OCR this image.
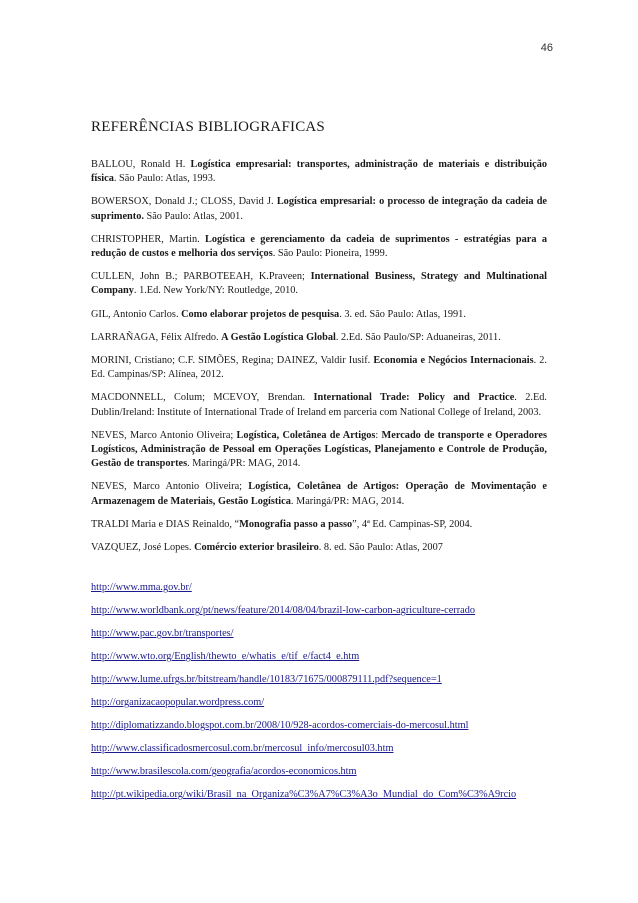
46
REFERÊNCIAS BIBLIOGRAFICAS

BALLOU, Ronald H. Logística empresarial: transportes, administração de materiais e distribuição física. São Paulo: Atlas, 1993.

BOWERSOX, Donald J.; CLOSS, David J. Logística empresarial: o processo de integração da cadeia de suprimento. São Paulo: Atlas, 2001.

CHRISTOPHER, Martin. Logística e gerenciamento da cadeia de suprimentos - estratégias para a redução de custos e melhoria dos serviços. São Paulo: Pioneira, 1999.

CULLEN, John B.; PARBOTEEAH, K.Praveen; International Business, Strategy and Multinational Company. 1.Ed. New York/NY: Routledge, 2010.

GIL, Antonio Carlos. Como elaborar projetos de pesquisa. 3. ed. São Paulo: Atlas, 1991.

LARRAÑAGA, Félix Alfredo. A Gestão Logística Global. 2.Ed. São Paulo/SP: Aduaneiras, 2011.

MORINI, Cristiano; C.F. SIMÕES, Regina; DAINEZ, Valdir Iusif. Economia e Negócios Internacionais. 2. Ed. Campinas/SP: Alínea, 2012.

MACDONNELL, Colum; MCEVOY, Brendan. International Trade: Policy and Practice. 2.Ed. Dublin/Ireland: Institute of International Trade of Ireland em parceria com National College of Ireland, 2003.

NEVES, Marco Antonio Oliveira; Logística, Coletânea de Artigos: Mercado de transporte e Operadores Logísticos, Administração de Pessoal em Operações Logísticas, Planejamento e Controle de Produção, Gestão de transportes. Maringá/PR: MAG, 2014.

NEVES, Marco Antonio Oliveira; Logística, Coletânea de Artigos: Operação de Movimentação e Armazenagem de Materiais, Gestão Logística. Maringá/PR: MAG, 2014.

TRALDI Maria e DIAS Reinaldo, “Monografia passo a passo”, 4ª Ed. Campinas-SP, 2004.

VAZQUEZ, José Lopes. Comércio exterior brasileiro. 8. ed. São Paulo: Atlas, 2007

http://www.mma.gov.br/
http://www.worldbank.org/pt/news/feature/2014/08/04/brazil-low-carbon-agriculture-cerrado
http://www.pac.gov.br/transportes/
http://www.wto.org/English/thewto_e/whatis_e/tif_e/fact4_e.htm
http://www.lume.ufrgs.br/bitstream/handle/10183/71675/000879111.pdf?sequence=1
http://organizacaopopular.wordpress.com/
http://diplomatizzando.blogspot.com.br/2008/10/928-acordos-comerciais-do-mercosul.html
http://www.classificadosmercosul.com.br/mercosul_info/mercosul03.htm
http://www.brasilescola.com/geografia/acordos-economicos.htm
http://pt.wikipedia.org/wiki/Brasil_na_Organiza%C3%A7%C3%A3o_Mundial_do_Com%C3%A9rcio
